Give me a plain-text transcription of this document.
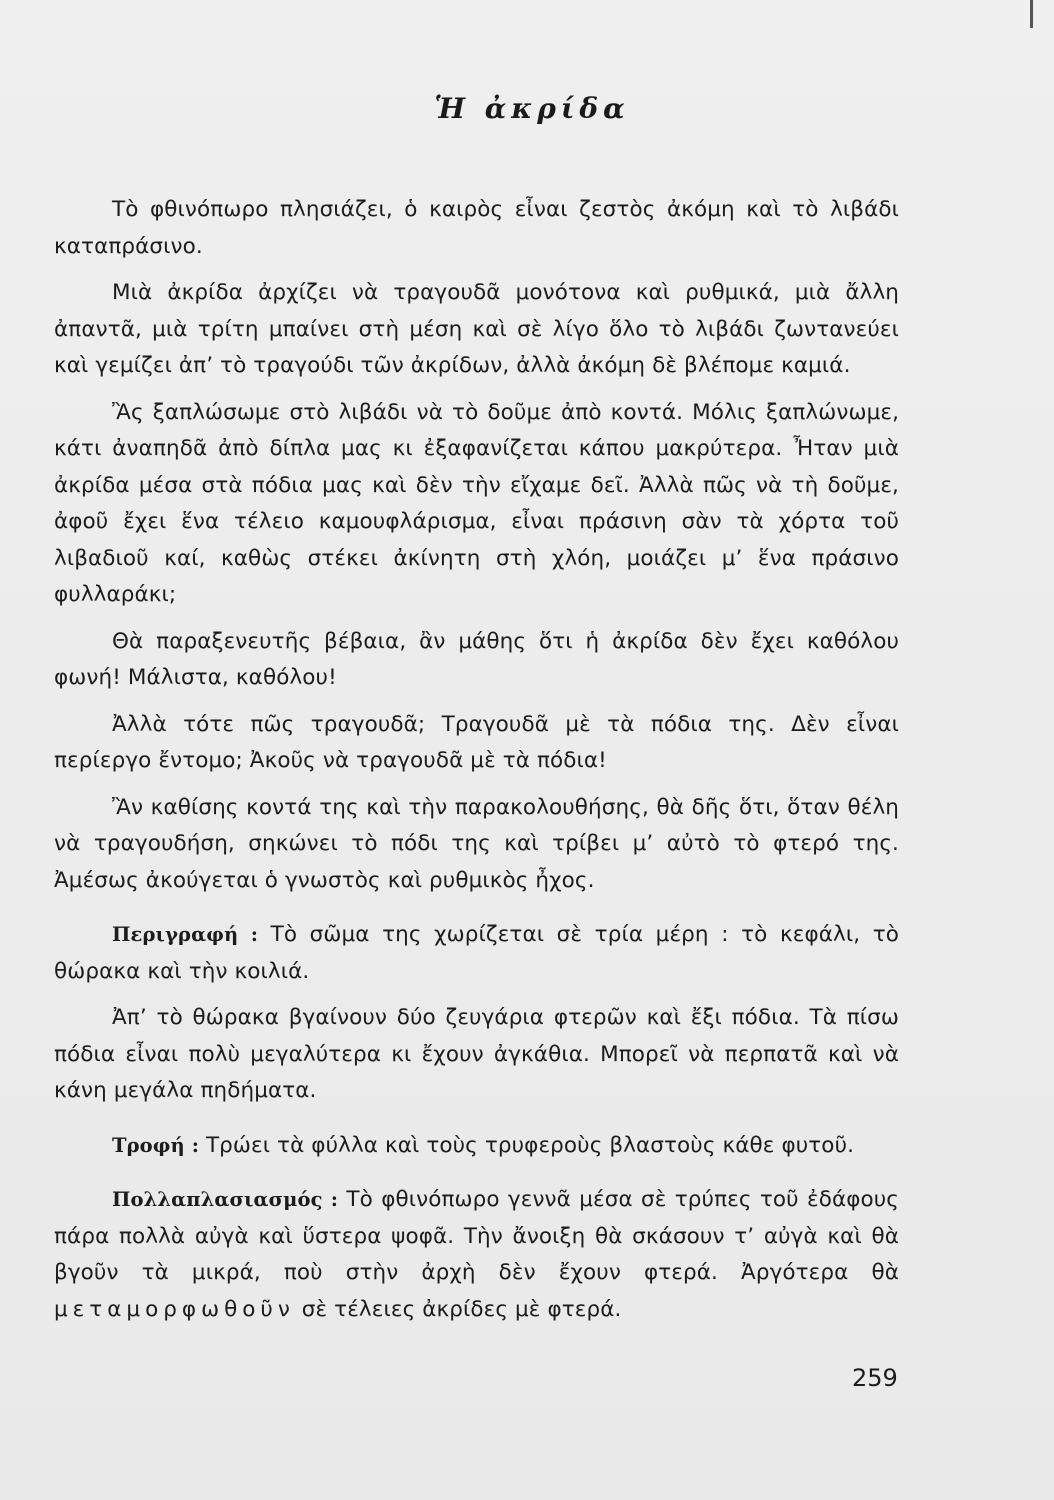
Ἡ ἀκρίδα

Τὸ φθινόπωρο πλησιάζει, ὁ καιρὸς εἶναι ζεστὸς ἀκόμη καὶ τὸ λιβάδι καταπράσινο.

Μιὰ ἀκρίδα ἀρχίζει νὰ τραγουδᾶ μονότονα καὶ ρυθμικά, μιὰ ἄλλη ἀπαντᾶ, μιὰ τρίτη μπαίνει στὴ μέση καὶ σὲ λίγο ὅλο τὸ λιβάδι ζωντανεύει καὶ γεμίζει ἀπ’ τὸ τραγούδι τῶν ἀκρίδων, ἀλλὰ ἀκόμη δὲ βλέπομε καμιά.

Ἂς ξαπλώσωμε στὸ λιβάδι νὰ τὸ δοῦμε ἀπὸ κοντά. Μόλις ξαπλώνωμε, κάτι ἀναπηδᾶ ἀπὸ δίπλα μας κι ἐξαφανίζεται κάπου μακρύτερα. Ἦταν μιὰ ἀκρίδα μέσα στὰ πόδια μας καὶ δὲν τὴν εἴχαμε δεῖ. Ἀλλὰ πῶς νὰ τὴ δοῦμε, ἀφοῦ ἔχει ἕνα τέλειο καμουφλάρισμα, εἶναι πράσινη σὰν τὰ χόρτα τοῦ λιβαδιοῦ καί, καθὼς στέκει ἀκίνητη στὴ χλόη, μοιάζει μ’ ἕνα πράσινο φυλλαράκι;

Θὰ παραξενευτῆς βέβαια, ἂν μάθης ὅτι ἡ ἀκρίδα δὲν ἔχει καθόλου φωνή! Μάλιστα, καθόλου!

Ἀλλὰ τότε πῶς τραγουδᾶ; Τραγουδᾶ μὲ τὰ πόδια της. Δὲν εἶναι περίεργο ἔντομο; Ἀκοῦς νὰ τραγουδᾶ μὲ τὰ πόδια!

Ἂν καθίσης κοντά της καὶ τὴν παρακολουθήσης, θὰ δῆς ὅτι, ὅταν θέλη νὰ τραγουδήση, σηκώνει τὸ πόδι της καὶ τρίβει μ’ αὐτὸ τὸ φτερό της. Ἀμέσως ἀκούγεται ὁ γνωστὸς καὶ ρυθμικὸς ἦχος.

Περιγραφή : Τὸ σῶμα της χωρίζεται σὲ τρία μέρη : τὸ κεφάλι, τὸ θώρακα καὶ τὴν κοιλιά.

Ἀπ’ τὸ θώρακα βγαίνουν δύο ζευγάρια φτερῶν καὶ ἔξι πόδια. Τὰ πίσω πόδια εἶναι πολὺ μεγαλύτερα κι ἔχουν ἀγκάθια. Μπορεῖ νὰ περπατᾶ καὶ νὰ κάνη μεγάλα πηδήματα.

Τροφή : Τρώει τὰ φύλλα καὶ τοὺς τρυφεροὺς βλαστοὺς κάθε φυτοῦ.

Πολλαπλασιασμός : Τὸ φθινόπωρο γεννᾶ μέσα σὲ τρύπες τοῦ ἐδάφους πάρα πολλὰ αὐγὰ καὶ ὕστερα ψοφᾶ. Τὴν ἄνοιξη θὰ σκάσουν τ’ αὐγὰ καὶ θὰ βγοῦν τὰ μικρά, ποὺ στὴν ἀρχὴ δὲν ἔχουν φτερά. Ἀργότερα θὰ μεταμορφωθοῦν σὲ τέλειες ἀκρίδες μὲ φτερά.

259
